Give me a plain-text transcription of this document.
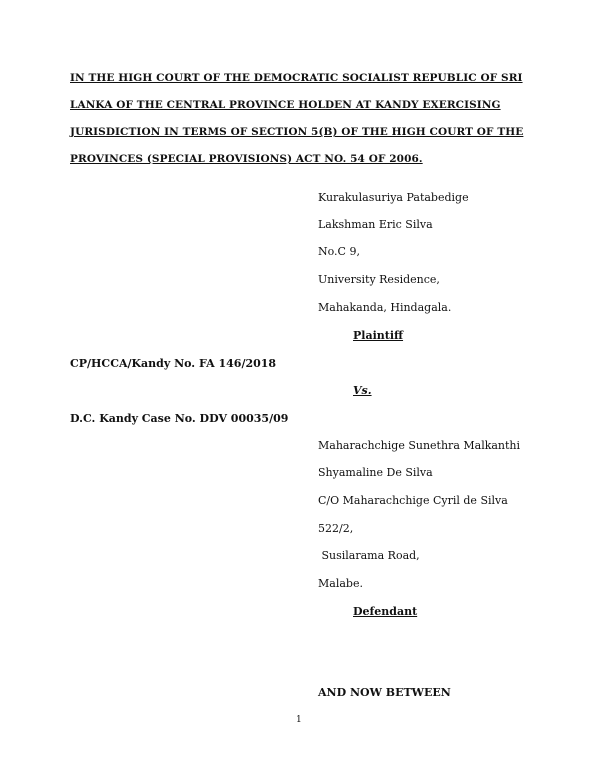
IN THE HIGH COURT OF THE DEMOCRATIC SOCIALIST REPUBLIC OF SRI
LANKA OF THE CENTRAL PROVINCE HOLDEN AT KANDY EXERCISING
JURISDICTION IN TERMS OF SECTION 5(B) OF THE HIGH COURT OF THE
PROVINCES (SPECIAL PROVISIONS) ACT NO. 54 OF 2006.
Kurakulasuriya Patabedige
Lakshman Eric Silva
No.C 9,
University Residence,
Mahakanda, Hindagala.
Plaintiff
CP/HCCA/Kandy No. FA 146/2018
Vs.
D.C. Kandy Case No. DDV 00035/09
Maharachchige Sunethra Malkanthi
Shyamaline De Silva
C/O Maharachchige Cyril de Silva
522/2,
Susilarama Road,
Malabe.
Defendant
AND NOW BETWEEN
1
